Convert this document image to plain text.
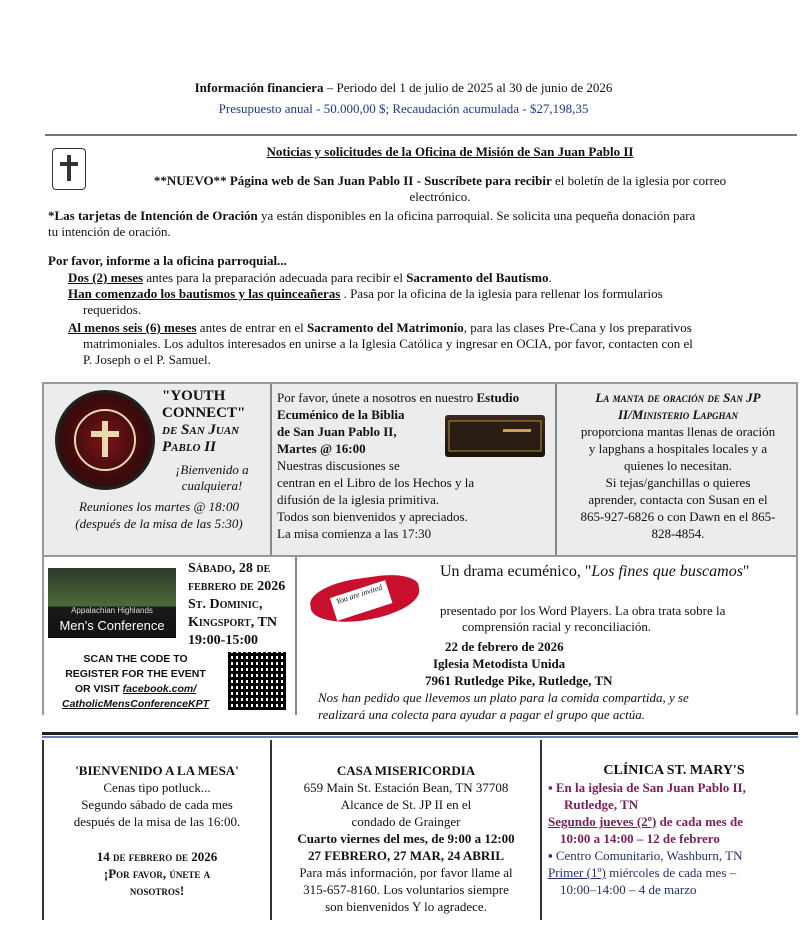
Información financiera – Periodo del 1 de julio de 2025 al 30 de junio de 2026

Presupuesto anual - 50.000,00 $; Recaudación acumulada - $27,198,35

Noticias y solicitudes de la Oficina de Misión de San Juan Pablo II

**NUEVO** Página web de San Juan Pablo II - Suscríbete para recibir el boletín de la iglesia por correo

electrónico.

*Las tarjetas de Intención de Oración ya están disponibles en la oficina parroquial. Se solicita una pequeña donación para

tu intención de oración.

Por favor, informe a la oficina parroquial...

Dos (2) meses antes para la preparación adecuada para recibir el Sacramento del Bautismo.

Han comenzado los bautismos y las quinceañeras . Pasa por la oficina de la iglesia para rellenar los formularios

requeridos.

Al menos seis (6) meses antes de entrar en el Sacramento del Matrimonio, para las clases Pre-Cana y los preparativos

matrimoniales. Los adultos interesados en unirse a la Iglesia Católica y ingresar en OCIA, por favor, contacten con el

P. Joseph o el P. Samuel.

"YOUTH

CONNECT"

de San Juan

Pablo II

¡Bienvenido a

cualquiera!

Reuniones los martes @ 18:00

(después de la misa de las 5:30)

Por favor, únete a nosotros en nuestro Estudio

Ecuménico de la Biblia

de San Juan Pablo II,

Martes @ 16:00

Nuestras discusiones se

centran en el Libro de los Hechos y la

difusión de la iglesia primitiva.

Todos son bienvenidos y apreciados.

La misa comienza a las 17:30

La manta de oración de San JP

II/Ministerio Lapghan

proporciona mantas llenas de oración

y lapghans a hospitales locales y a

quienes lo necesitan.

Si tejas/ganchillas o quieres

aprender, contacta con Susan en el

865-927-6826 o con Dawn en el 865-

828-4854.

Appalachian Highlands
Men's Conference

Sábado, 28 de

febrero de 2026

St. Dominic,

Kingsport, TN

19:00-15:00

SCAN THE CODE TO

REGISTER FOR THE EVENT

OR VISIT facebook.com/

CatholicMensConferenceKPT

You are invited
Un drama ecuménico, "Los fines que buscamos"

presentado por los Word Players. La obra trata sobre la

comprensión racial y reconciliación.

22 de febrero de 2026

Iglesia Metodista Unida

7961 Rutledge Pike, Rutledge, TN

Nos han pedido que llevemos un plato para la comida compartida, y se

realizará una colecta para ayudar a pagar el grupo que actúa.

'BIENVENIDO A LA MESA'

Cenas tipo potluck...

Segundo sábado de cada mes

después de la misa de las 16:00.

14 de febrero de 2026

¡Por favor, únete a

nosotros!

CASA MISERICORDIA

659 Main St. Estación Bean, TN 37708

Alcance de St. JP II en el

condado de Grainger

Cuarto viernes del mes, de 9:00 a 12:00

27 FEBRERO, 27 MAR, 24 ABRIL

Para más información, por favor llame al

315-657-8160. Los voluntarios siempre

son bienvenidos Y lo agradece.

CLÍNICA ST. MARY'S

▪ En la iglesia de San Juan Pablo II,

Rutledge, TN

Segundo jueves (2º) de cada mes de

10:00 a 14:00 – 12 de febrero

▪ Centro Comunitario, Washburn, TN

Primer (1º) miércoles de cada mes –

10:00–14:00 – 4 de marzo
